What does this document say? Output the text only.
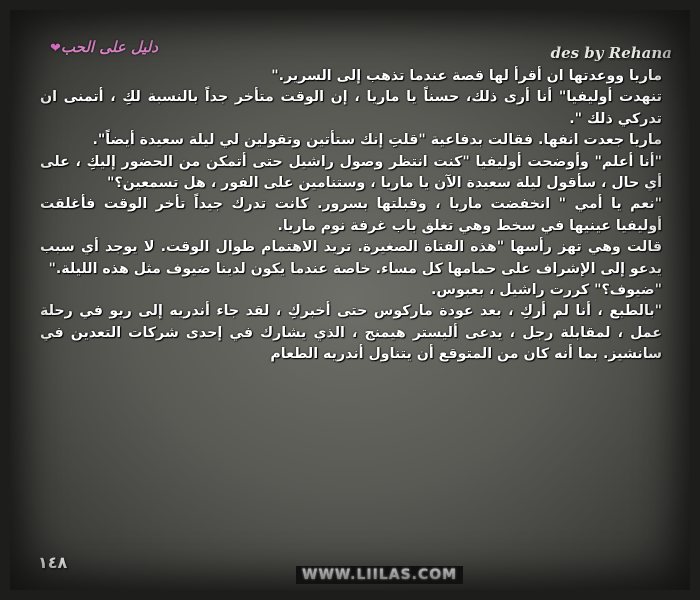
دليل على الحب❤	des by Rehana

ماريا ووعدتها ان أقرأ لها قصة عندما تذهب إلى السرير."

تنهدت أوليفيا" أنا أرى ذلك، حسناً يا ماريا ، إن الوقت متأخر جداً بالنسبة لكِ ، أتمنى ان تدركي ذلك ".

ماريا جعدت انفها. فقالت بدفاعية "قلتِ إنك ستأتين وتقولين لي ليلة سعيدة أيضاً".

"أنا أعلم" وأوضحت أوليفيا "كنت انتظر وصول راشيل حتى أتمكن من الحضور إليكِ ، على أي حال ، سأقول ليلة سعيدة الآن يا ماريا ، وستنامين على الفور ، هل تسمعين؟"

"نعم يا أمي " انخفضت ماريا ، وقبلتها بسرور. كانت تدرك جيداً تأخر الوقت فأغلقت أوليفيا عينيها في سخط وهي تغلق باب غرفة نوم ماريا.

قالت وهي تهز رأسها "هذه الفتاة الصغيرة. تريد الاهتمام طوال الوقت. لا يوجد أي سبب يدعو إلى الإشراف على حمامها كل مساء. خاصة عندما يكون لدينا ضيوف مثل هذه الليلة."

"ضيوف؟" كررت راشيل ، بعبوس.

"بالطبع ، أنا لم أركِ ، بعد عودة ماركوس حتى أخبركِ ، لقد جاء أندريه إلى ريو في رحلة عمل ، لمقابلة رجل ، يدعى أليستر هيمنج ، الذي يشارك في إحدى شركات التعدين في سانشيز. بما أنه كان من المتوقع أن يتناول أندريه الطعام

١٤٨
WWW.LIILAS.COM
